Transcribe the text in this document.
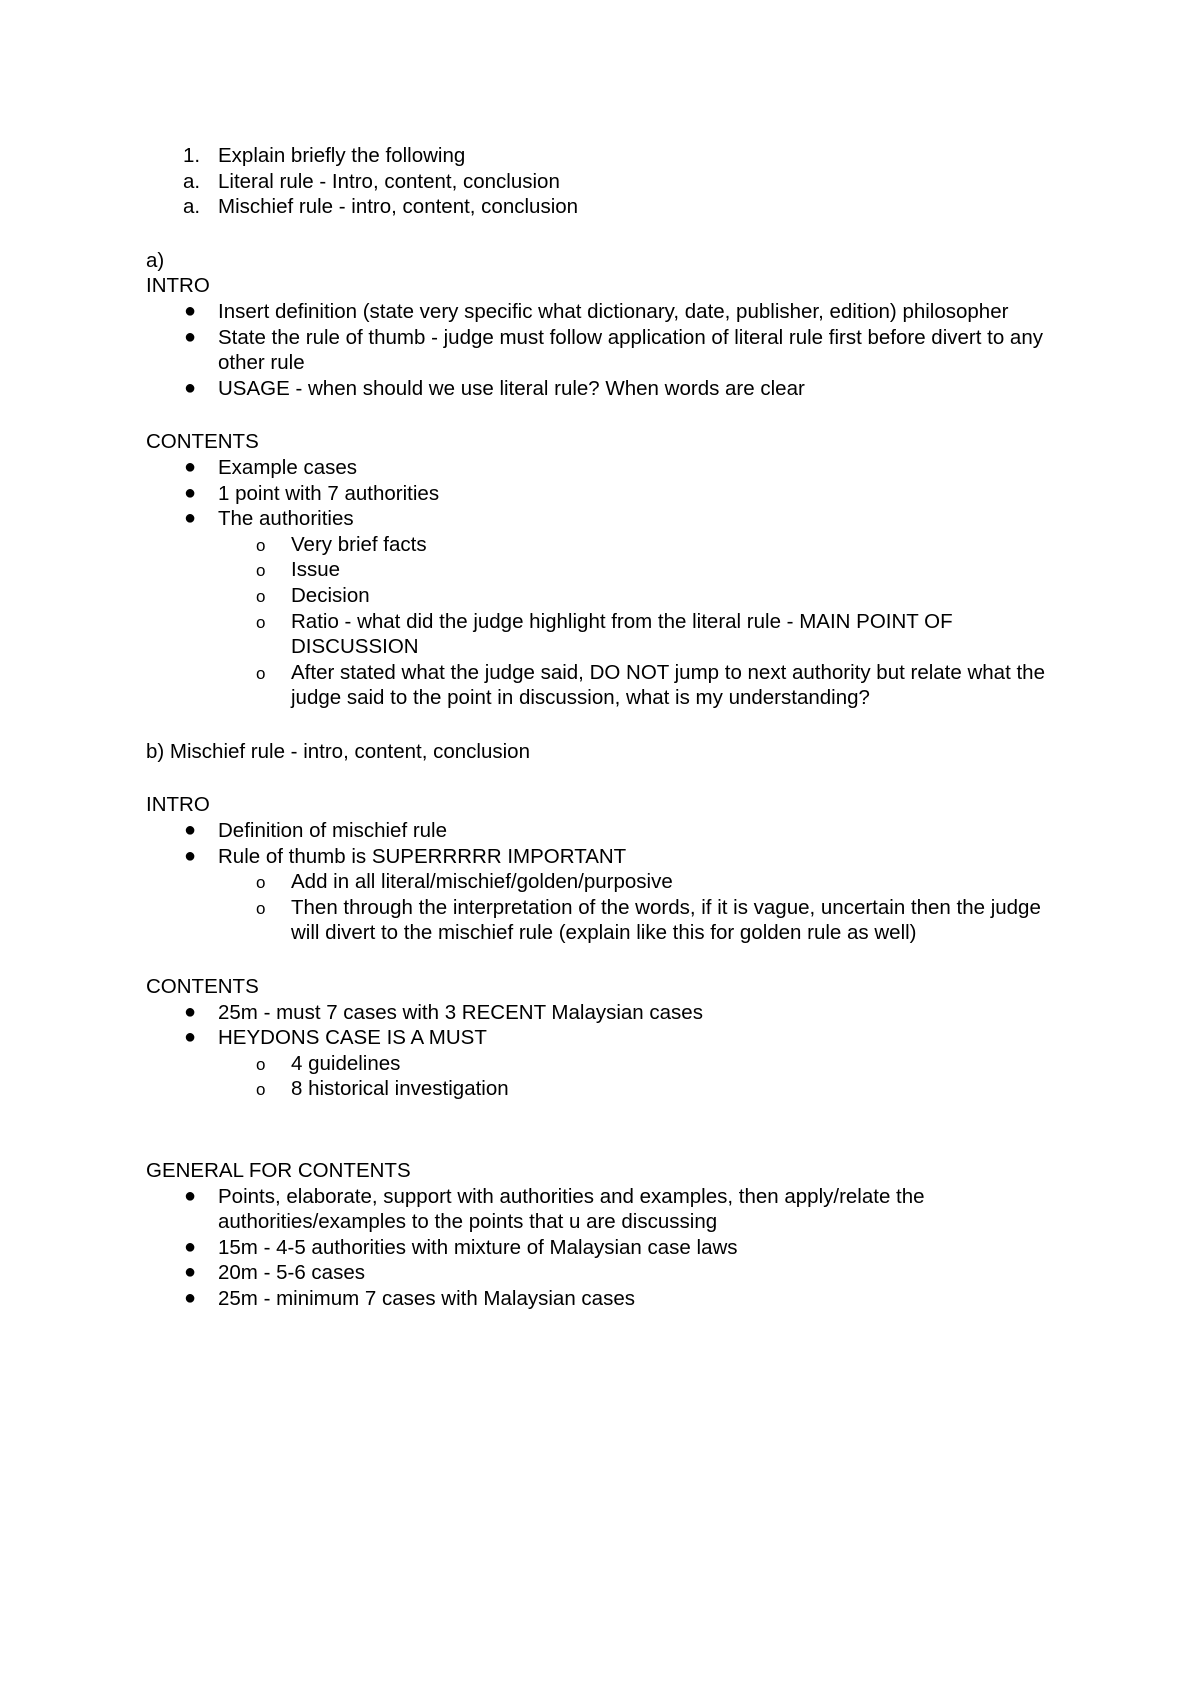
1. Explain briefly the following
a. Literal rule - Intro, content, conclusion
a. Mischief rule - intro, content, conclusion
a)
INTRO
● Insert definition (state very specific what dictionary, date, publisher, edition) philosopher
● State the rule of thumb - judge must follow application of literal rule first before divert to any other rule
● USAGE - when should we use literal rule? When words are clear
CONTENTS
● Example cases
● 1 point with 7 authorities
● The authorities
o Very brief facts
o Issue
o Decision
o Ratio - what did the judge highlight from the literal rule - MAIN POINT OF DISCUSSION
o After stated what the judge said, DO NOT jump to next authority but relate what the judge said to the point in discussion, what is my understanding?
b) Mischief rule - intro, content, conclusion
INTRO
● Definition of mischief rule
● Rule of thumb is SUPERRRRR IMPORTANT
o Add in all literal/mischief/golden/purposive
o Then through the interpretation of the words, if it is vague, uncertain then the judge will divert to the mischief rule (explain like this for golden rule as well)
CONTENTS
● 25m - must 7 cases with 3 RECENT Malaysian cases
● HEYDONS CASE IS A MUST
o 4 guidelines
o 8 historical investigation
GENERAL FOR CONTENTS
● Points, elaborate, support with authorities and examples, then apply/relate the authorities/examples to the points that u are discussing
● 15m - 4-5 authorities with mixture of Malaysian case laws
● 20m - 5-6 cases
● 25m - minimum 7 cases with Malaysian cases
